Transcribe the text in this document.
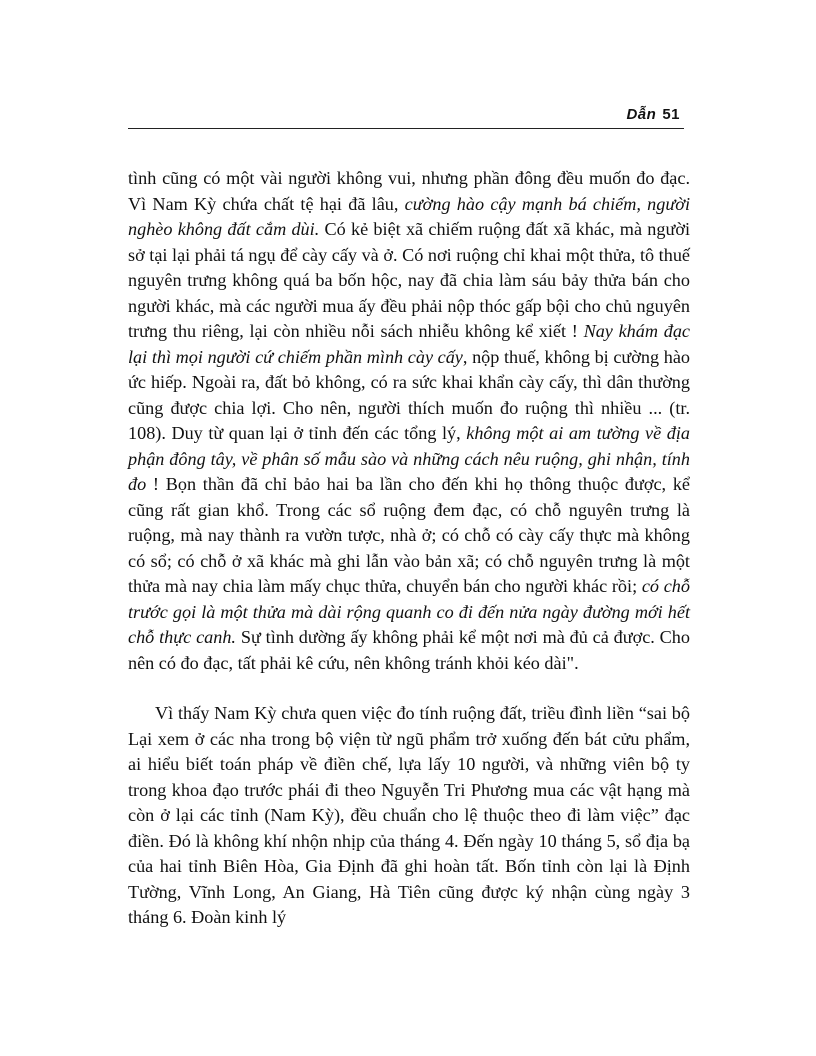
Dẫn 51

tình cũng có một vài người không vui, nhưng phần đông đều muốn đo đạc. Vì Nam Kỳ chứa chất tệ hại đã lâu, cường hào cậy mạnh bá chiếm, người nghèo không đất cắm dùi. Có kẻ biệt xã chiếm ruộng đất xã khác, mà người sở tại lại phải tá ngụ để cày cấy và ở. Có nơi ruộng chỉ khai một thửa, tô thuế nguyên trưng không quá ba bốn hộc, nay đã chia làm sáu bảy thửa bán cho người khác, mà các người mua ấy đều phải nộp thóc gấp bội cho chủ nguyên trưng thu riêng, lại còn nhiều nỗi sách nhiễu không kể xiết ! Nay khám đạc lại thì mọi người cứ chiếm phần mình cày cấy, nộp thuế, không bị cường hào ức hiếp. Ngoài ra, đất bỏ không, có ra sức khai khẩn cày cấy, thì dân thường cũng được chia lợi. Cho nên, người thích muốn đo ruộng thì nhiều ... (tr. 108). Duy từ quan lại ở tỉnh đến các tổng lý, không một ai am tường về địa phận đông tây, về phân số mẫu sào và những cách nêu ruộng, ghi nhận, tính đo ! Bọn thần đã chỉ bảo hai ba lần cho đến khi họ thông thuộc được, kể cũng rất gian khổ. Trong các sổ ruộng đem đạc, có chỗ nguyên trưng là ruộng, mà nay thành ra vườn tược, nhà ở; có chỗ có cày cấy thực mà không có sổ; có chỗ ở xã khác mà ghi lẫn vào bản xã; có chỗ nguyên trưng là một thửa mà nay chia làm mấy chục thửa, chuyển bán cho người khác rồi; có chỗ trước gọi là một thửa mà dài rộng quanh co đi đến nửa ngày đường mới hết chỗ thực canh. Sự tình dường ấy không phải kể một nơi mà đủ cả được. Cho nên có đo đạc, tất phải kê cứu, nên không tránh khỏi kéo dài".

Vì thấy Nam Kỳ chưa quen việc đo tính ruộng đất, triều đình liền “sai bộ Lại xem ở các nha trong bộ viện từ ngũ phẩm trở xuống đến bát cửu phẩm, ai hiểu biết toán pháp về điền chế, lựa lấy 10 người, và những viên bộ ty trong khoa đạo trước phái đi theo Nguyễn Tri Phương mua các vật hạng mà còn ở lại các tỉnh (Nam Kỳ), đều chuẩn cho lệ thuộc theo đi làm việc” đạc điền. Đó là không khí nhộn nhịp của tháng 4. Đến ngày 10 tháng 5, sổ địa bạ của hai tỉnh Biên Hòa, Gia Định đã ghi hoàn tất. Bốn tỉnh còn lại là Định Tường, Vĩnh Long, An Giang, Hà Tiên cũng được ký nhận cùng ngày 3 tháng 6. Đoàn kinh lý
